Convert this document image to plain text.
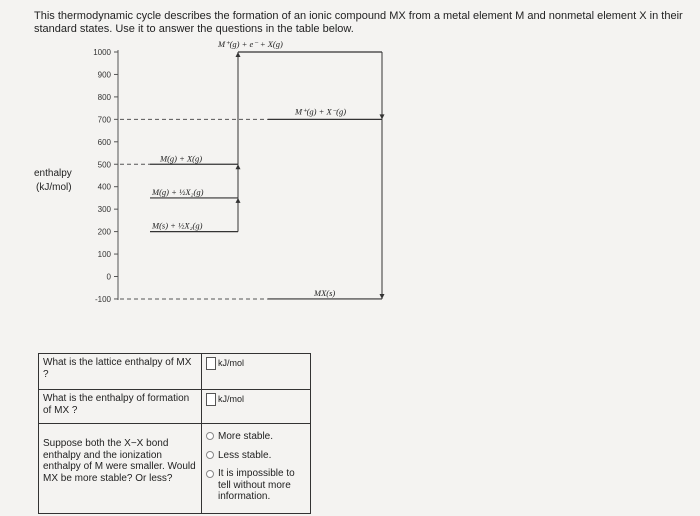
This thermodynamic cycle describes the formation of an ionic compound MX from a metal element M and nonmetal element X in their standard states. Use it to answer the questions in the table below.
enthalpy
(kJ/mol)
1000
900
800
700
600
500
400
300
200
100
0
-100
M⁺(g) + e⁻ + X(g)
M⁺(g) + X⁻(g)
M(g) + X(g)
M(g) + ½X₂(g)
M(s) + ½X₂(g)
MX(s)
What is the lattice enthalpy of MX ?	kJ/mol
What is the enthalpy of formation of MX ?	kJ/mol
Suppose both the X−X bond enthalpy and the ionization enthalpy of M were smaller. Would MX be more stable? Or less?	More stable.
Less stable.
It is impossible to tell without more information.
